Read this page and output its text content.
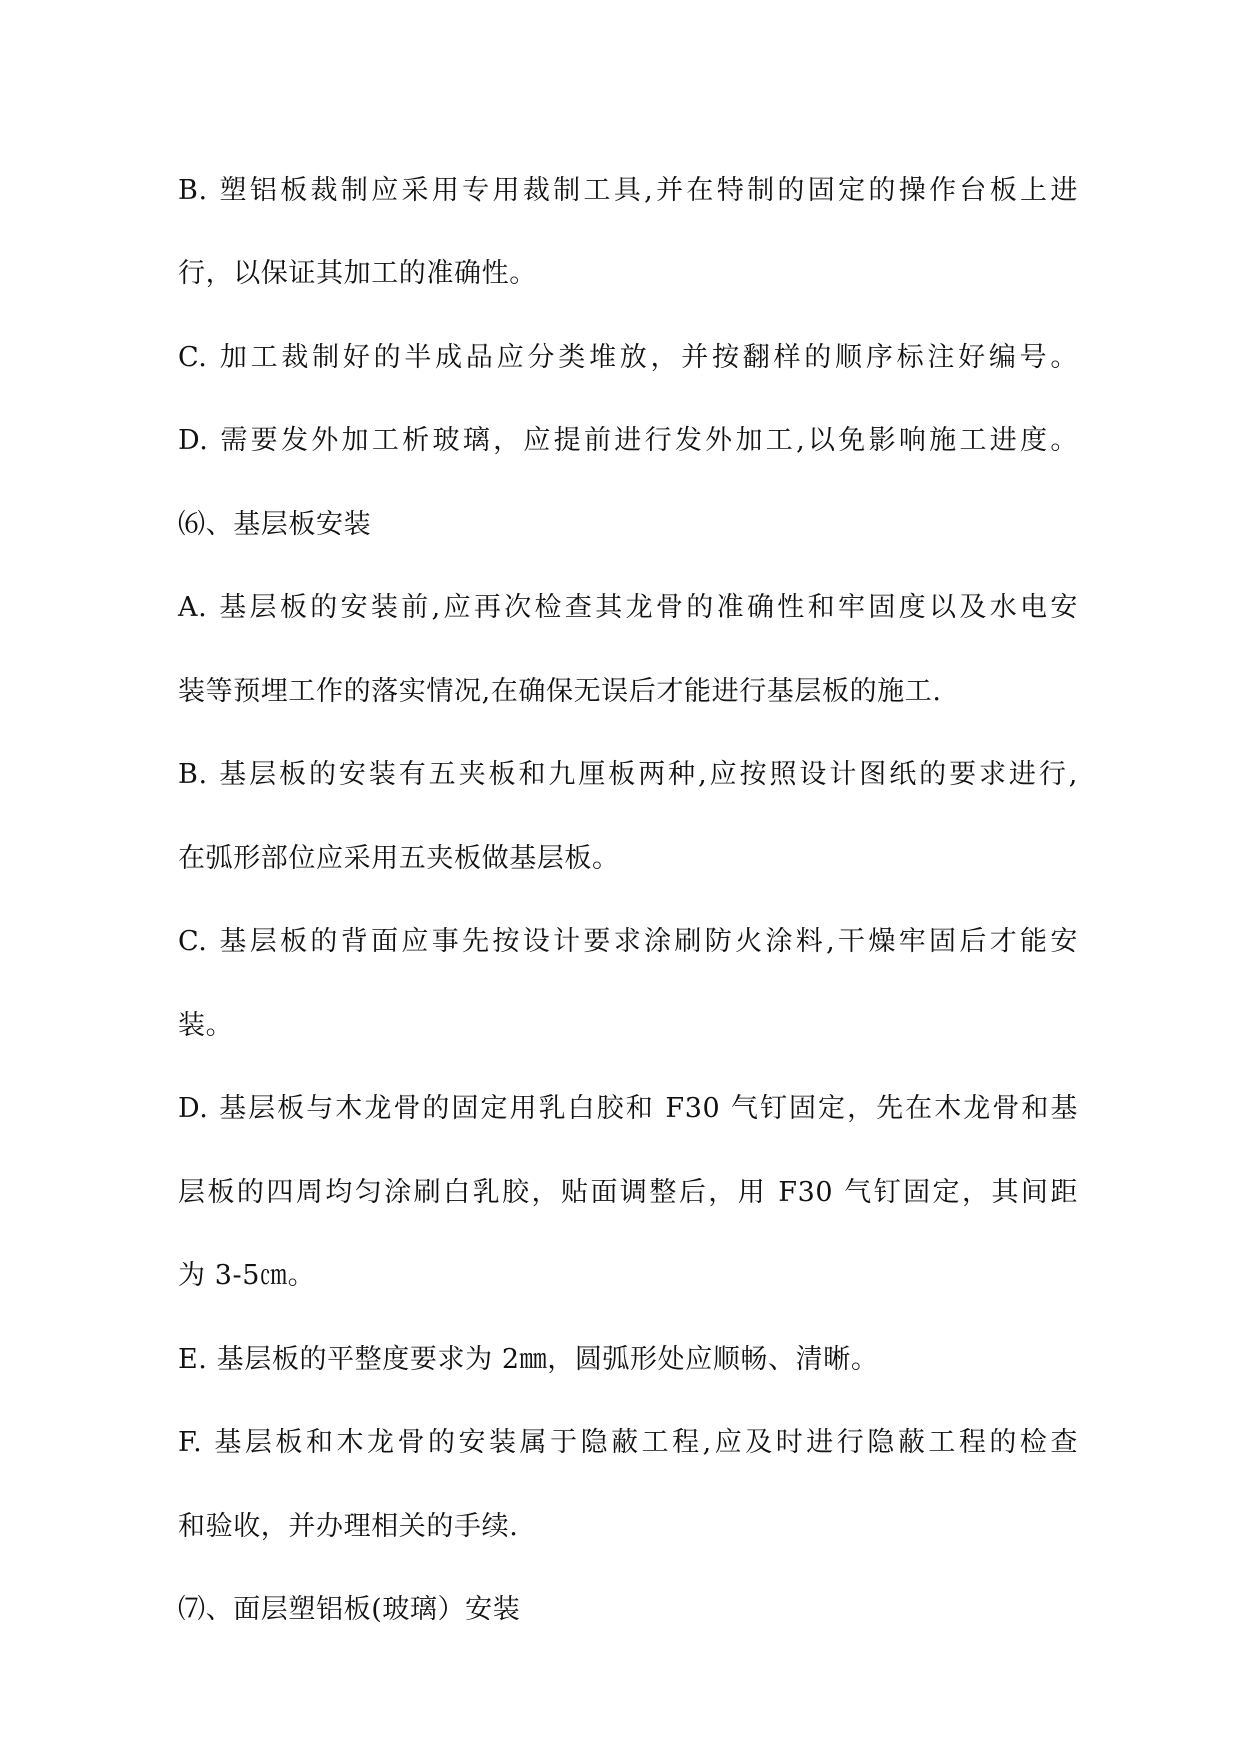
B. 塑铝板裁制应采用专用裁制工具,并在特制的固定的操作台板上进
行，以保证其加工的准确性。
C. 加工裁制好的半成品应分类堆放，并按翻样的顺序标注好编号。
D. 需要发外加工析玻璃，应提前进行发外加工,以免影响施工进度。
⑹、基层板安装
A. 基层板的安装前,应再次检查其龙骨的准确性和牢固度以及水电安
装等预埋工作的落实情况,在确保无误后才能进行基层板的施工.
B. 基层板的安装有五夹板和九厘板两种,应按照设计图纸的要求进行,
在弧形部位应采用五夹板做基层板。
C. 基层板的背面应事先按设计要求涂刷防火涂料,干燥牢固后才能安
装。
D. 基层板与木龙骨的固定用乳白胶和 F30 气钉固定，先在木龙骨和基
层板的四周均匀涂刷白乳胶，贴面调整后，用 F30 气钉固定，其间距
为 3-5㎝。
E. 基层板的平整度要求为 2㎜，圆弧形处应顺畅、清晰。
F. 基层板和木龙骨的安装属于隐蔽工程,应及时进行隐蔽工程的检查
和验收，并办理相关的手续.
⑺、面层塑铝板(玻璃）安装
